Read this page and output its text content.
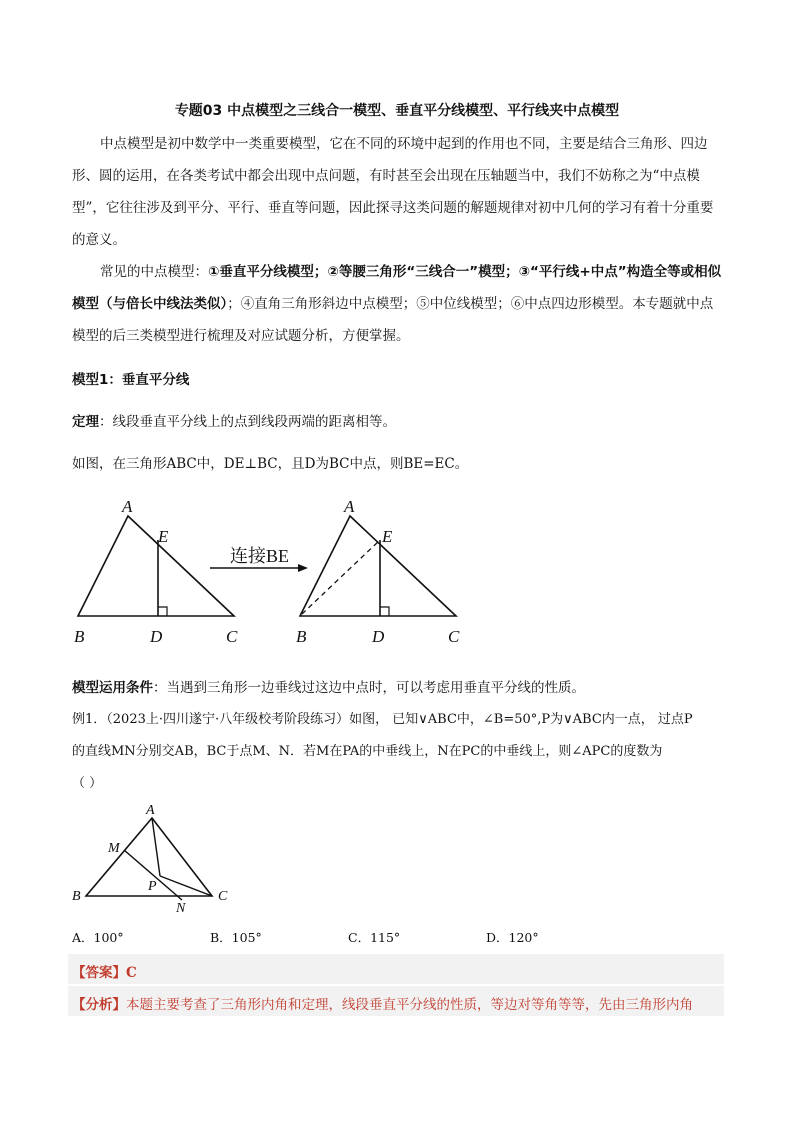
专题03 中点模型之三线合一模型、垂直平分线模型、平行线夹中点模型

中点模型是初中数学中一类重要模型，它在不同的环境中起到的作用也不同，主要是结合三角形、四边形、圆的运用，在各类考试中都会出现中点问题，有时甚至会出现在压轴题当中，我们不妨称之为“中点模型”，它往往涉及到平分、平行、垂直等问题，因此探寻这类问题的解题规律对初中几何的学习有着十分重要的意义。

常见的中点模型：①垂直平分线模型；②等腰三角形“三线合一”模型；③“平行线+中点”构造全等或相似模型（与倍长中线法类似）；④直角三角形斜边中点模型；⑤中位线模型；⑥中点四边形模型。本专题就中点模型的后三类模型进行梳理及对应试题分析，方便掌握。

模型1：垂直平分线
定理：线段垂直平分线上的点到线段两端的距离相等。
如图，在三角形ABC中，DE⊥BC，且D为BC中点，则BE=EC。
A
E
B	D	C
连接BE
A
E
B	D	C
模型运用条件：当遇到三角形一边垂线过这边中点时，可以考虑用垂直平分线的性质。
例1．（2023上·四川遂宁·八年级校考阶段练习）如图， 已知∨ABC中，∠B=50°,P为∨ABC内一点， 过点P
的直线MN分别交AB，BC于点M、N．若M在PA的中垂线上，N在PC的中垂线上，则∠APC的度数为
（ ）
A
M
P
B
N
C
A．100°	B．105°	C．115°	D．120°
【答案】C
【分析】本题主要考查了三角形内角和定理，线段垂直平分线的性质，等边对等角等等，先由三角形内角
